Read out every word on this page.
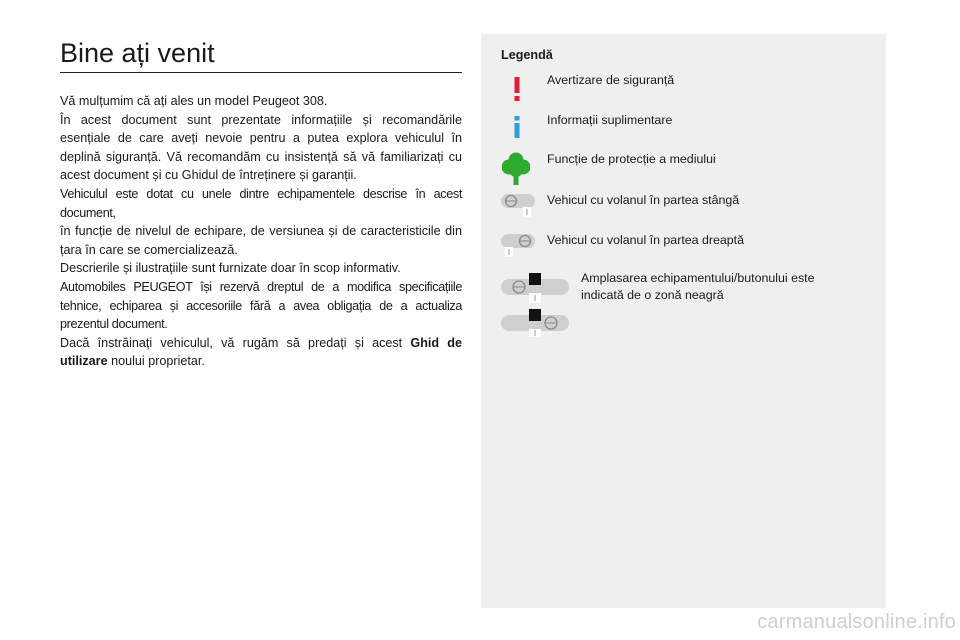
Bine ați venit

Vă mulțumim că ați ales un model Peugeot 308.

În acest document sunt prezentate informațiile și recomandările esențiale de care aveți nevoie pentru a putea explora vehiculul în deplină siguranță. Vă recomandăm cu insistență să vă familiarizați cu acest document și cu Ghidul de întreținere și garanții.

Vehiculul este dotat cu unele dintre echipamentele descrise în acest document,

în funcție de nivelul de echipare, de versiunea și de caracteristicile din țara în care se comercializează.

Descrierile și ilustrațiile sunt furnizate doar în scop informativ.

Automobiles PEUGEOT își rezervă dreptul de a modifica specificațiile tehnice, echiparea și accesoriile fără a avea obligația de a actualiza prezentul document.

Dacă înstrăinați vehiculul, vă rugăm să predați și acest Ghid de utilizare noului proprietar.

Legendă
Avertizare de siguranță
Informații suplimentare
Funcție de protecție a mediului
Vehicul cu volanul în partea stângă
Vehicul cu volanul în partea dreaptă
Amplasarea echipamentului/butonului este indicată de o zonă neagră
carmanualsonline.info
